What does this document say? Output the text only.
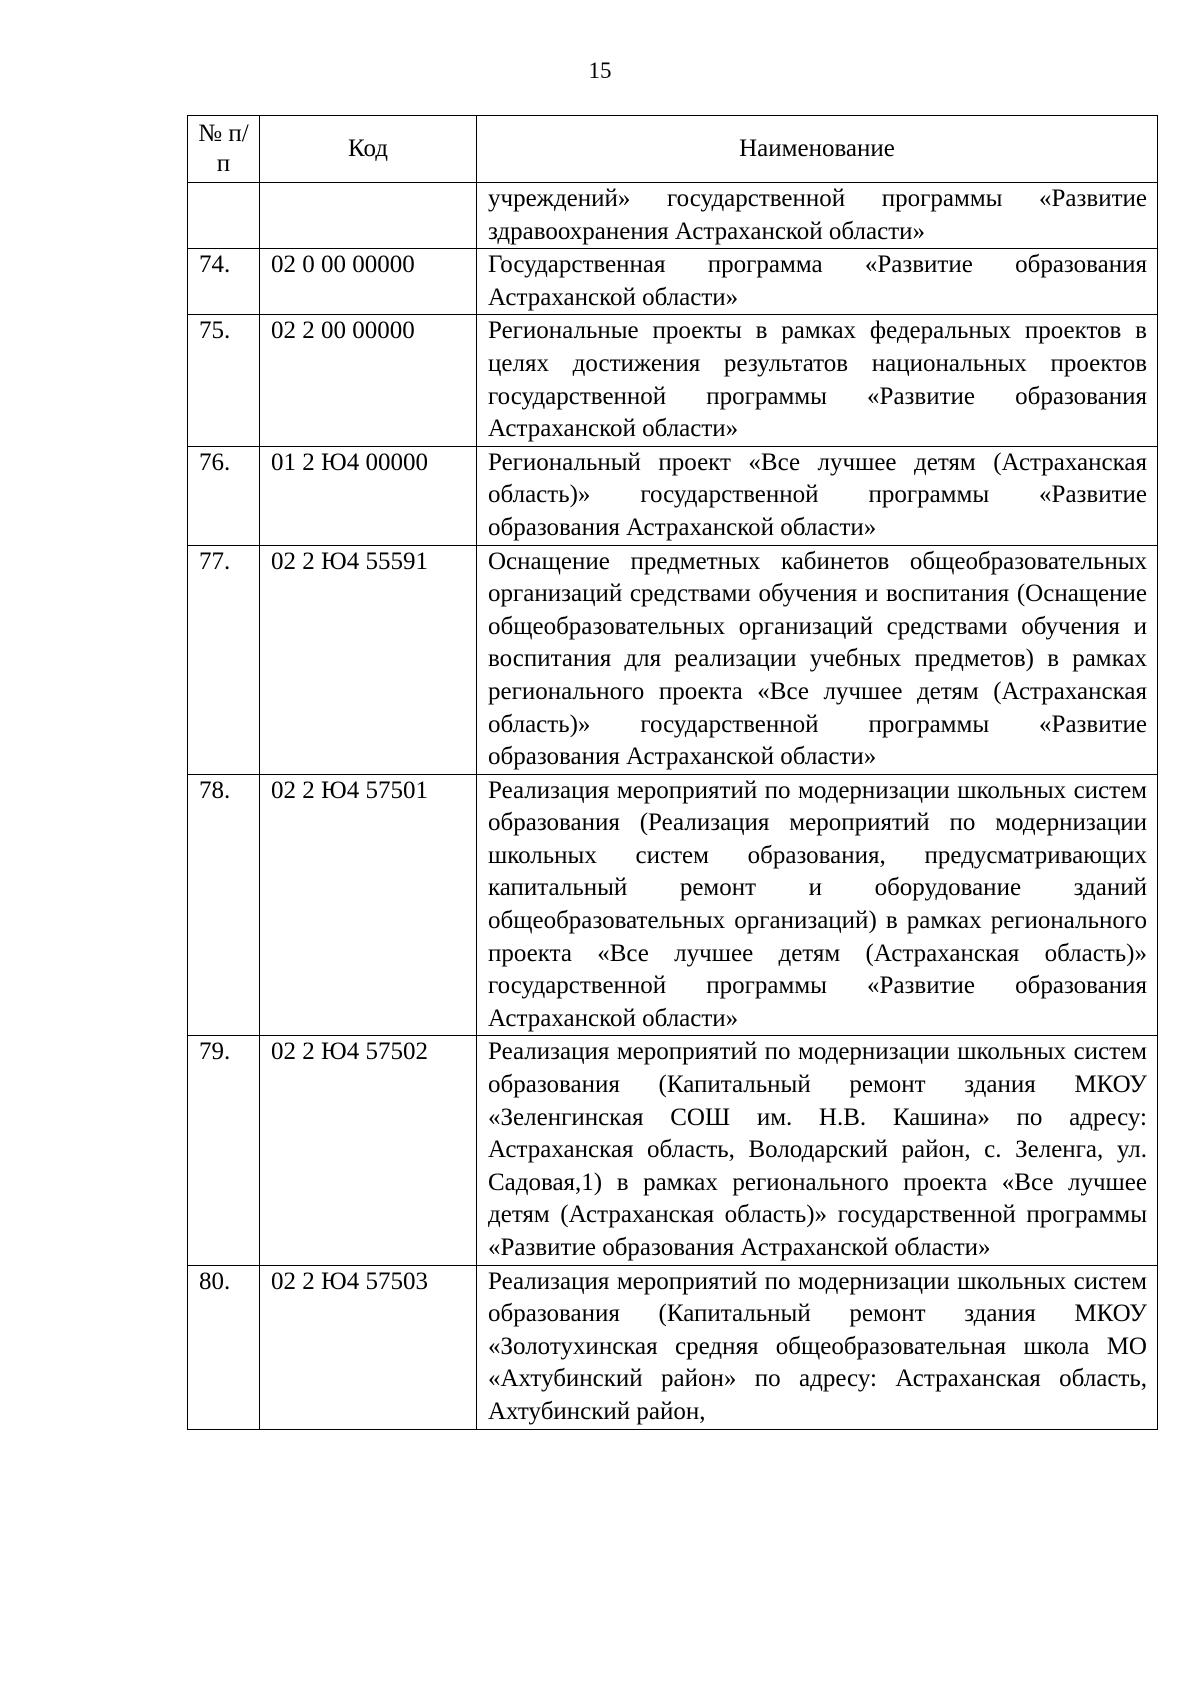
15
№ п/п	Код	Наименование
		учреждений» государственной программы «Развитие здравоохранения Астраханской области»
74.	02 0 00 00000	Государственная программа «Развитие образования Астраханской области»
75.	02 2 00 00000	Региональные проекты в рамках федеральных проектов в целях достижения результатов национальных проектов государственной программы «Развитие образования Астраханской области»
76.	01 2 Ю4 00000	Региональный проект «Все лучшее детям (Астраханская область)» государственной программы «Развитие образования Астраханской области»
77.	02 2 Ю4 55591	Оснащение предметных кабинетов общеобразовательных организаций средствами обучения и воспитания (Оснащение общеобразовательных организаций средствами обучения и воспитания для реализации учебных предметов) в рамках регионального проекта «Все лучшее детям (Астраханская область)» государственной программы «Развитие образования Астраханской области»
78.	02 2 Ю4 57501	Реализация мероприятий по модернизации школьных систем образования (Реализация мероприятий по модернизации школьных систем образования, предусматривающих капитальный ремонт и оборудование зданий общеобразовательных организаций) в рамках регионального проекта «Все лучшее детям (Астраханская область)» государственной программы «Развитие образования Астраханской области»
79.	02 2 Ю4 57502	Реализация мероприятий по модернизации школьных систем образования (Капитальный ремонт здания МКОУ «Зеленгинская СОШ им. Н.В. Кашина» по адресу: Астраханская область, Володарский район, с. Зеленга, ул. Садовая,1) в рамках регионального проекта «Все лучшее детям (Астраханская область)» государственной программы «Развитие образования Астраханской области»
80.	02 2 Ю4 57503	Реализация мероприятий по модернизации школьных систем образования (Капитальный ремонт здания МКОУ «Золотухинская средняя общеобразовательная школа МО «Ахтубинский район» по адресу: Астраханская область, Ахтубинский район,
